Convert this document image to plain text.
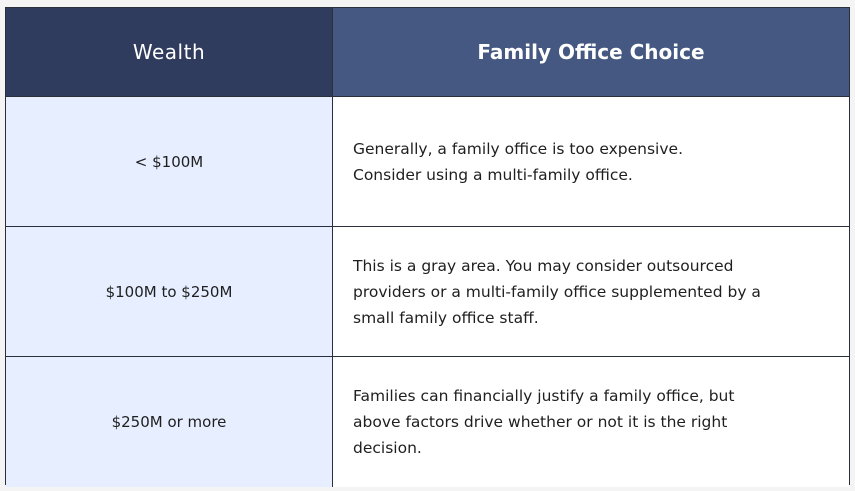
Wealth	Family Office Choice
< $100M
Generally, a family office is too expensive.
Consider using a multi-family office.
$100M to $250M
This is a gray area. You may consider outsourced
providers or a multi-family office supplemented by a
small family office staff.
$250M or more
Families can financially justify a family office, but
above factors drive whether or not it is the right
decision.
